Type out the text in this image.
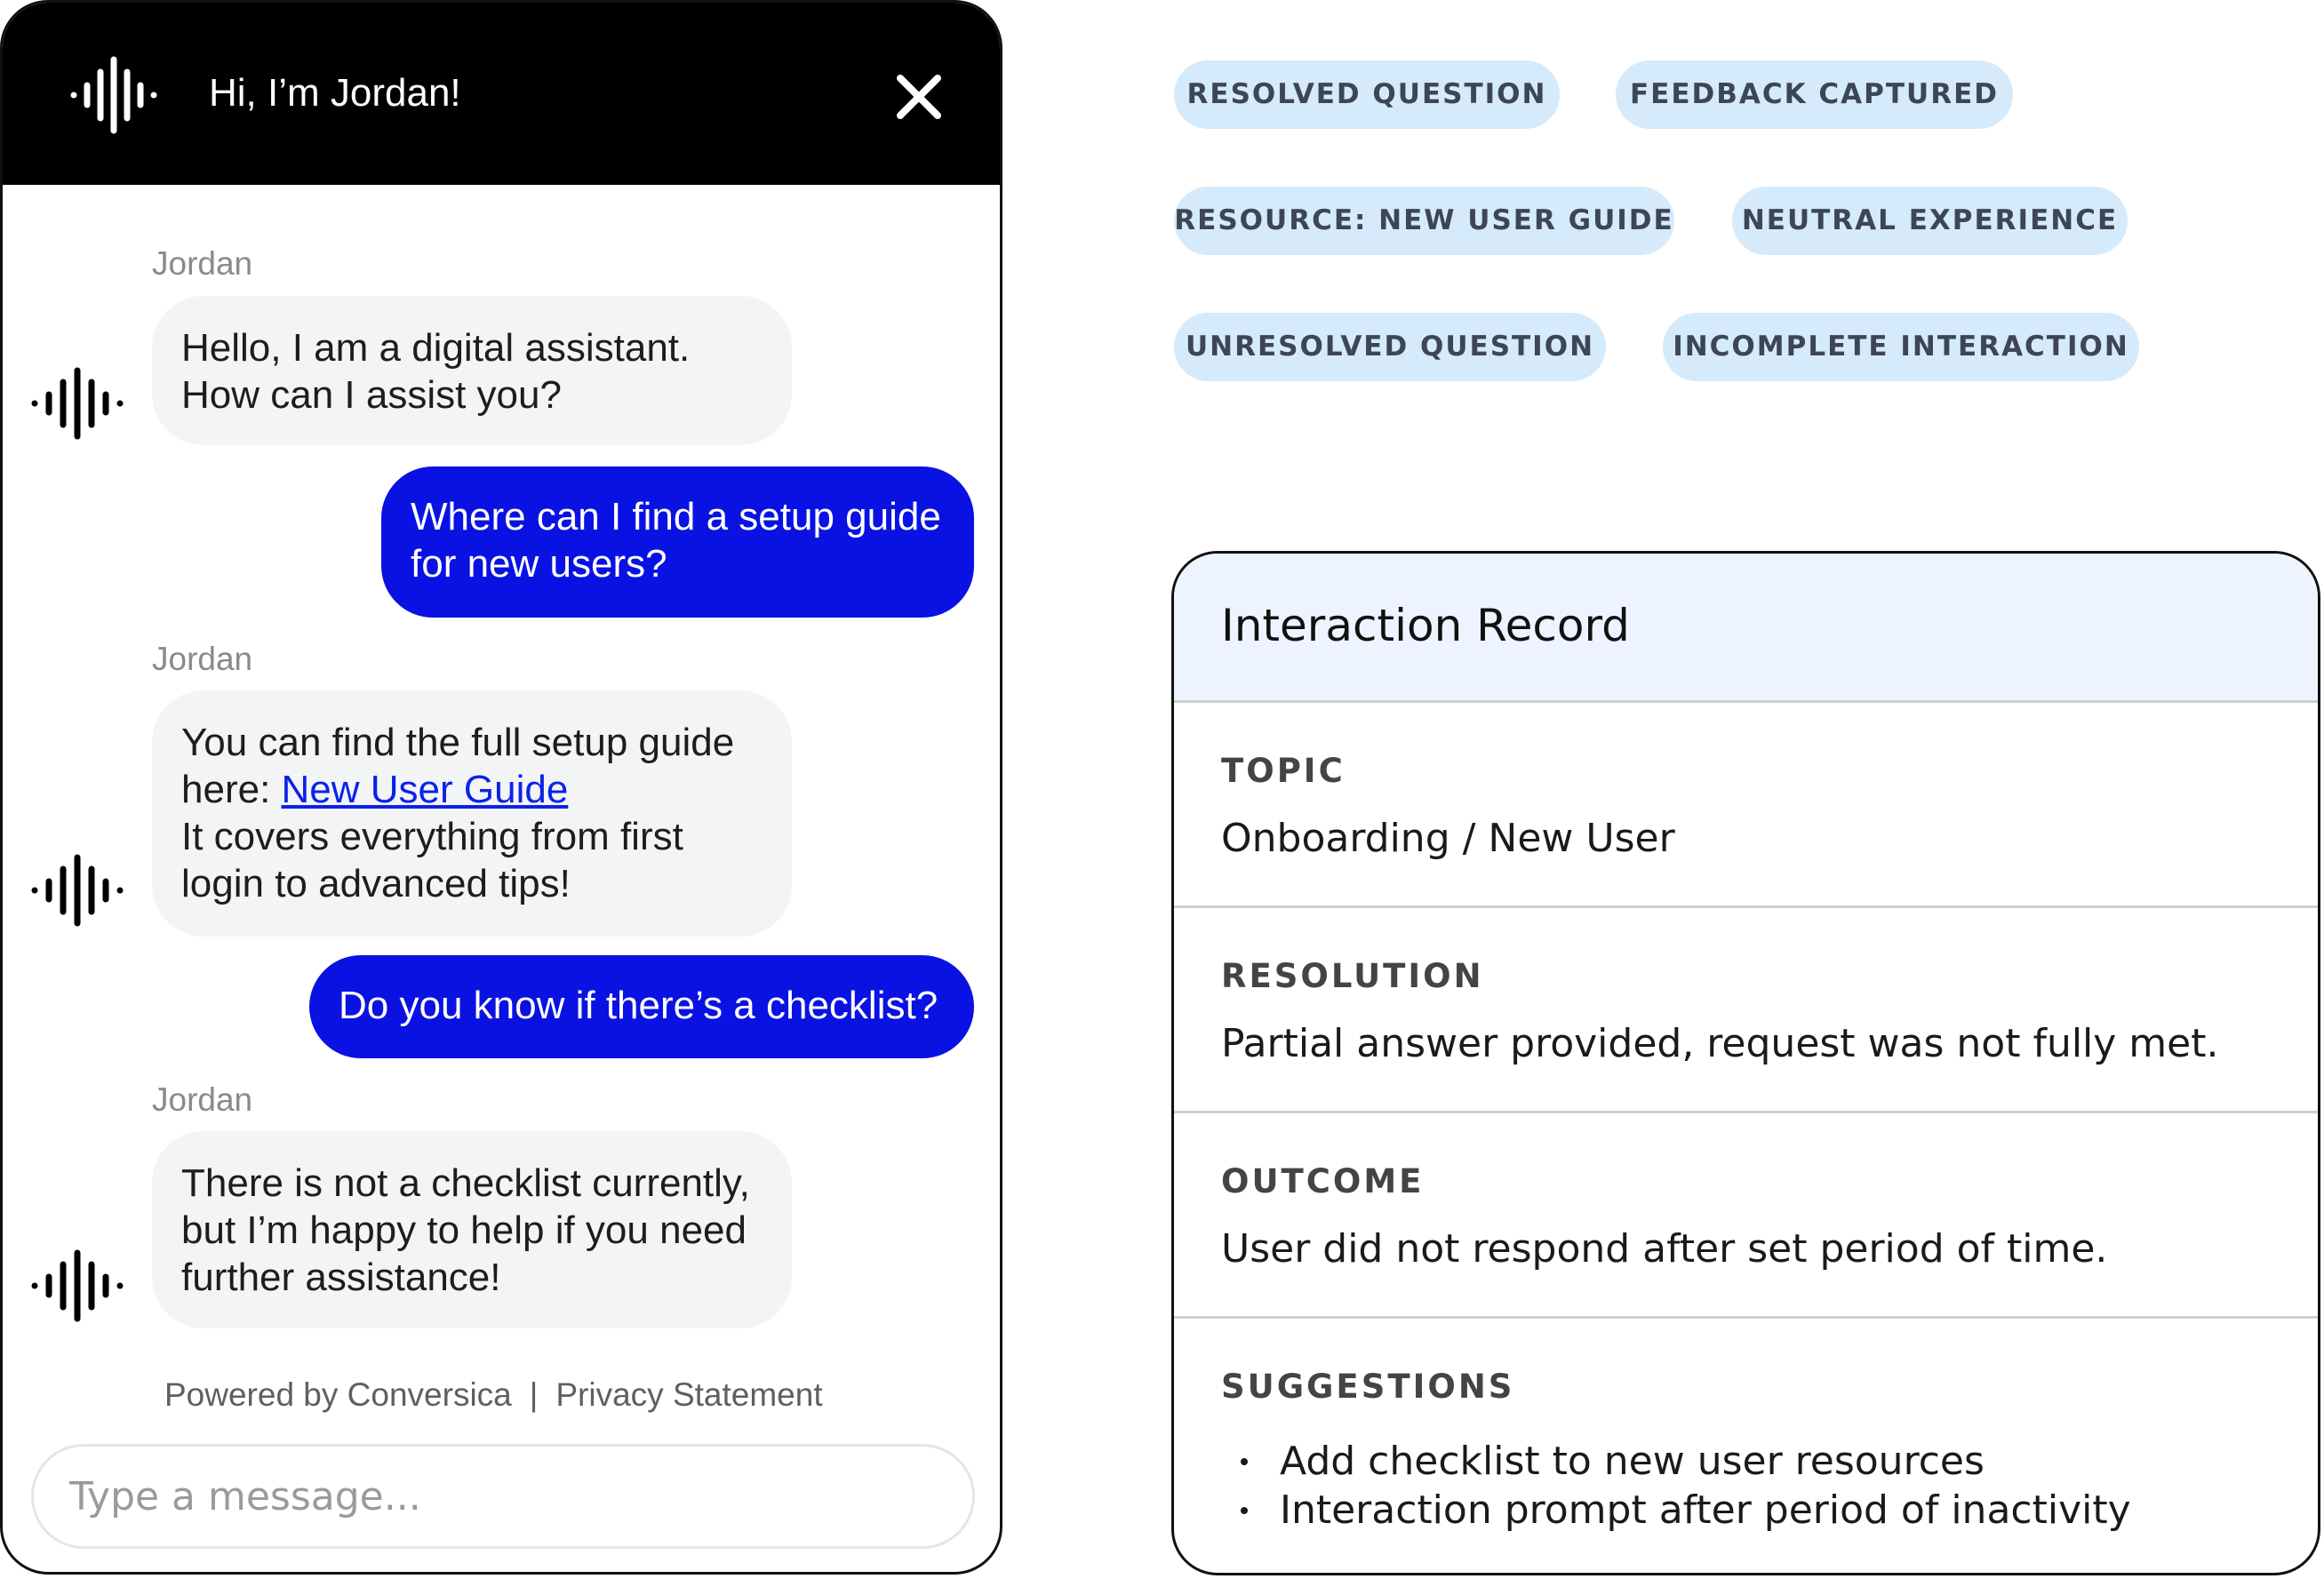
Hi, I’m Jordan!
Jordan
Hello, I am a digital assistant.
How can I assist you?
Where can I find a setup guide
for new users?
Jordan
You can find the full setup guide
here: New User Guide
It covers everything from first
login to advanced tips!
Do you know if there’s a checklist?
Jordan
There is not a checklist currently,
but I’m happy to help if you need
further assistance!
Powered by Conversica | Privacy Statement
Type a message...
RESOLVED QUESTION	FEEDBACK CAPTURED
RESOURCE: NEW USER GUIDE	NEUTRAL EXPERIENCE
UNRESOLVED QUESTION	INCOMPLETE INTERACTION
Interaction Record
TOPIC
Onboarding / New User
RESOLUTION
Partial answer provided, request was not fully met.
OUTCOME
User did not respond after set period of time.
SUGGESTIONS
Add checklist to new user resources
Interaction prompt after period of inactivity
